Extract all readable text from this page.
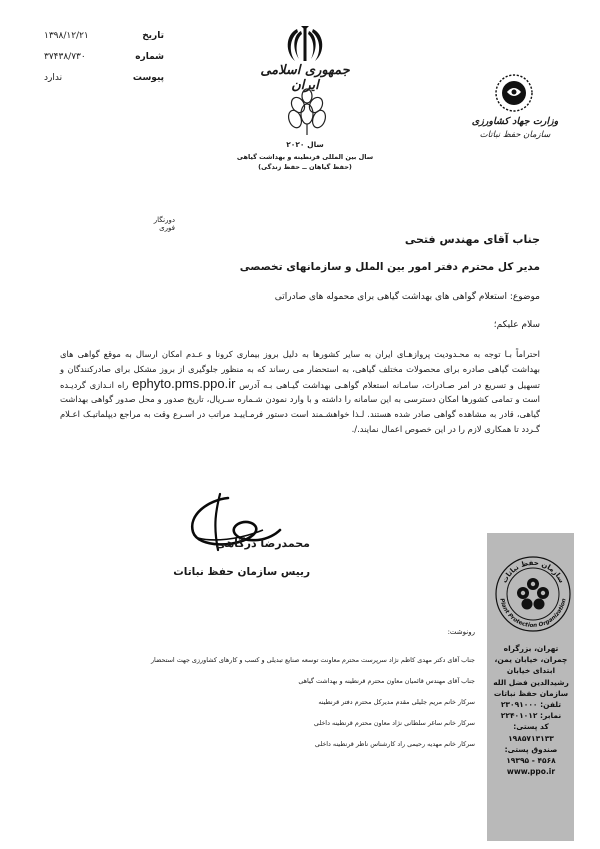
تاریخ
۱۳۹۸/۱۲/۲۱
شماره
۳۷۴۳۸/۷۳۰
پیوست
ندارد	جمهوری اسلامی ایران
سال ۲۰۲۰
سال بین المللی قرنطینه و بهداشت گیاهی
(حفظ گیاهان ــ حفظ زندگی)
وزارت جهاد کشاورزی
سازمان حفظ نباتات
دورنگار فوری
جناب آقای مهندس فتحی
مدیر کل محترم دفتر امور بین الملل و سازمانهای تخصصی
موضوع: استعلام گواهی های بهداشت گیاهی برای محموله های صادراتی
سلام علیکم؛
احتراماً بـا توجه به محـدودیت پروازهـای ایران به سایر کشورها به دلیل بروز بیماری کرونا و عـدم امکان ارسال به موقع گواهی های بهداشت گیاهی صادره برای محصولات مختلف گیاهی، به استحضار می رساند که به منظور جلوگیری از بروز مشکل برای صادرکنندگان و تسهیل و تسریع در امر صـادرات، سامـانه استعلام گواهـی بهداشت گیـاهی بـه آدرس ephyto.pms.ppo.ir راه انـدازی گردیـده است و تمامی کشورها امکان دسترسی به این سامانه را داشته و با وارد نمودن شـماره سـریال، تاریخ صدور و محل صدور گواهی بهداشت گیاهی، قادر به مشاهده گواهی صادر شده هستند. لـذا خواهشـمند است دستور فرمـاییـد مراتب در اسـرع وقت به مراجع دیپلماتیـک اعـلام گـردد تا همکاری لازم را در این خصوص اعمال نمایند./.
محمدرضا درگاهی
رییس سازمان حفظ نباتات
رونوشت:
جناب آقای دکتر مهدی کاظم نژاد سرپرست محترم معاونت توسعه صنایع تبدیلی و کسب و کارهای کشاورزی جهت استحضار
جناب آقای مهندس قائمیان معاون محترم قرنطینه و بهداشت گیاهی
سرکار خانم مریم جلیلی مقدم مدیرکل محترم دفتر قرنطینه
سرکار خانم ساغر سلطانی نژاد معاون محترم قرنطینه داخلی
سرکار خانم مهدیه رحیمی راد کارشناس ناظر قرنطینه داخلی
سازمان حفظ نباتات
Plant Protection Organization
تهران، بزرگراه چمران، خیابان یمن، ابتدای خیابان رشیدالدین فضل الله
سازمان حفظ نباتات
تلفن: ۲۳۰۹۱۰۰۰
نمابر: ۲۲۴۰۱۰۱۲
کد پستی:
۱۹۸۵۷۱۳۱۳۳
صندوق پستی:
۱۹۳۹۵ - ۴۵۶۸
www.ppo.ir
